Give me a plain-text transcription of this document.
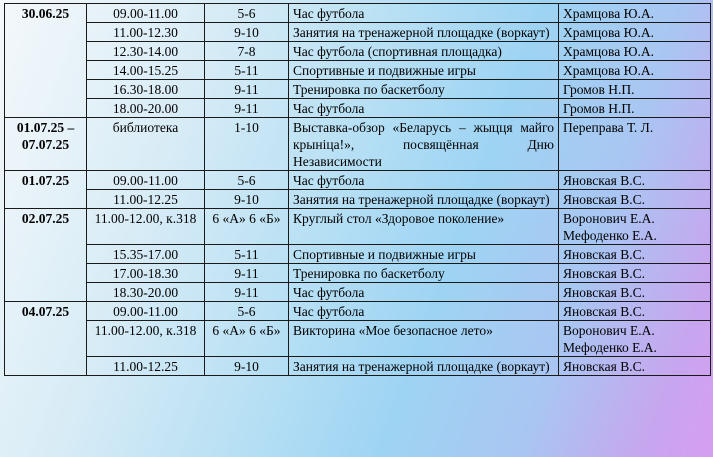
30.06.25	09.00-11.00	5-6	Час футбола	Храмцова Ю.А.
	11.00-12.30	9-10	Занятия на тренажерной площадке (воркаут)	Храмцова Ю.А.
	12.30-14.00	7-8	Час футбола (спортивная площадка)	Храмцова Ю.А.
	14.00-15.25	5-11	Спортивные и подвижные игры	Храмцова Ю.А.
	16.30-18.00	9-11	Тренировка по баскетболу	Громов Н.П.
	18.00-20.00	9-11	Час футбола	Громов Н.П.
01.07.25 – 07.07.25	библиотека	1-10	Выставка-обзор «Беларусь – жыцця майго крыніца!», посвящённая Дню Независимости	Переправа Т. Л.
01.07.25	09.00-11.00	5-6	Час футбола	Яновская В.С.
	11.00-12.25	9-10	Занятия на тренажерной площадке (воркаут)	Яновская В.С.
02.07.25	11.00-12.00, к.318	6 «А» 6 «Б»	Круглый стол «Здоровое поколение»	Воронович Е.А. Мефоденко Е.А.
	15.35-17.00	5-11	Спортивные и подвижные игры	Яновская В.С.
	17.00-18.30	9-11	Тренировка по баскетболу	Яновская В.С.
	18.30-20.00	9-11	Час футбола	Яновская В.С.
04.07.25	09.00-11.00	5-6	Час футбола	Яновская В.С.
	11.00-12.00, к.318	6 «А» 6 «Б»	Викторина «Мое безопасное лето»	Воронович Е.А. Мефоденко Е.А.
	11.00-12.25	9-10	Занятия на тренажерной площадке (воркаут)	Яновская В.С.
